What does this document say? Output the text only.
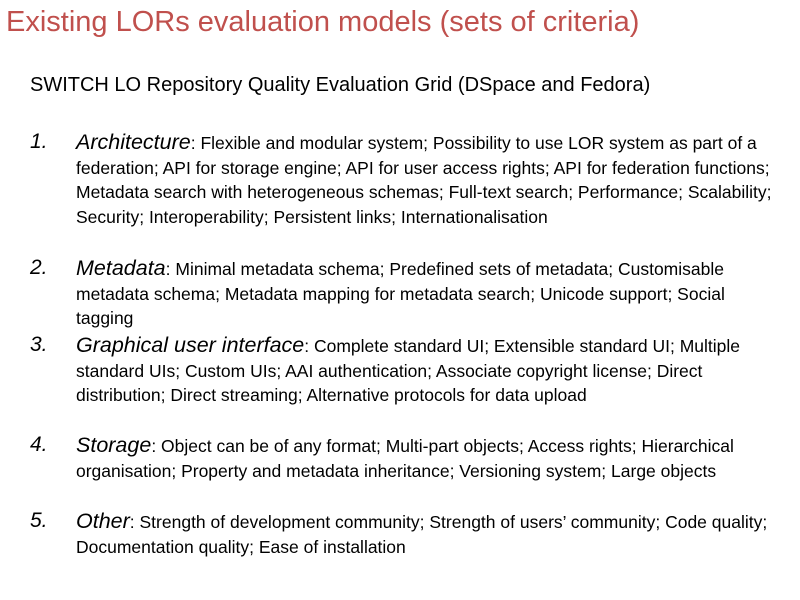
Existing LORs evaluation models (sets of criteria)
SWITCH LO Repository Quality Evaluation Grid (DSpace and Fedora)
1. Architecture: Flexible and modular system; Possibility to use LOR system as part of a federation; API for storage engine; API for user access rights; API for federation functions; Metadata search with heterogeneous schemas; Full-text search; Performance; Scalability; Security; Interoperability; Persistent links; Internationalisation
2. Metadata: Minimal metadata schema; Predefined sets of metadata; Customisable metadata schema; Metadata mapping for metadata search; Unicode support; Social tagging
3. Graphical user interface: Complete standard UI; Extensible standard UI; Multiple standard UIs; Custom UIs; AAI authentication; Associate copyright license; Direct distribution; Direct streaming; Alternative protocols for data upload
4. Storage: Object can be of any format; Multi-part objects; Access rights; Hierarchical organisation; Property and metadata inheritance; Versioning system; Large objects
5. Other: Strength of development community; Strength of users’ community; Code quality; Documentation quality; Ease of installation
